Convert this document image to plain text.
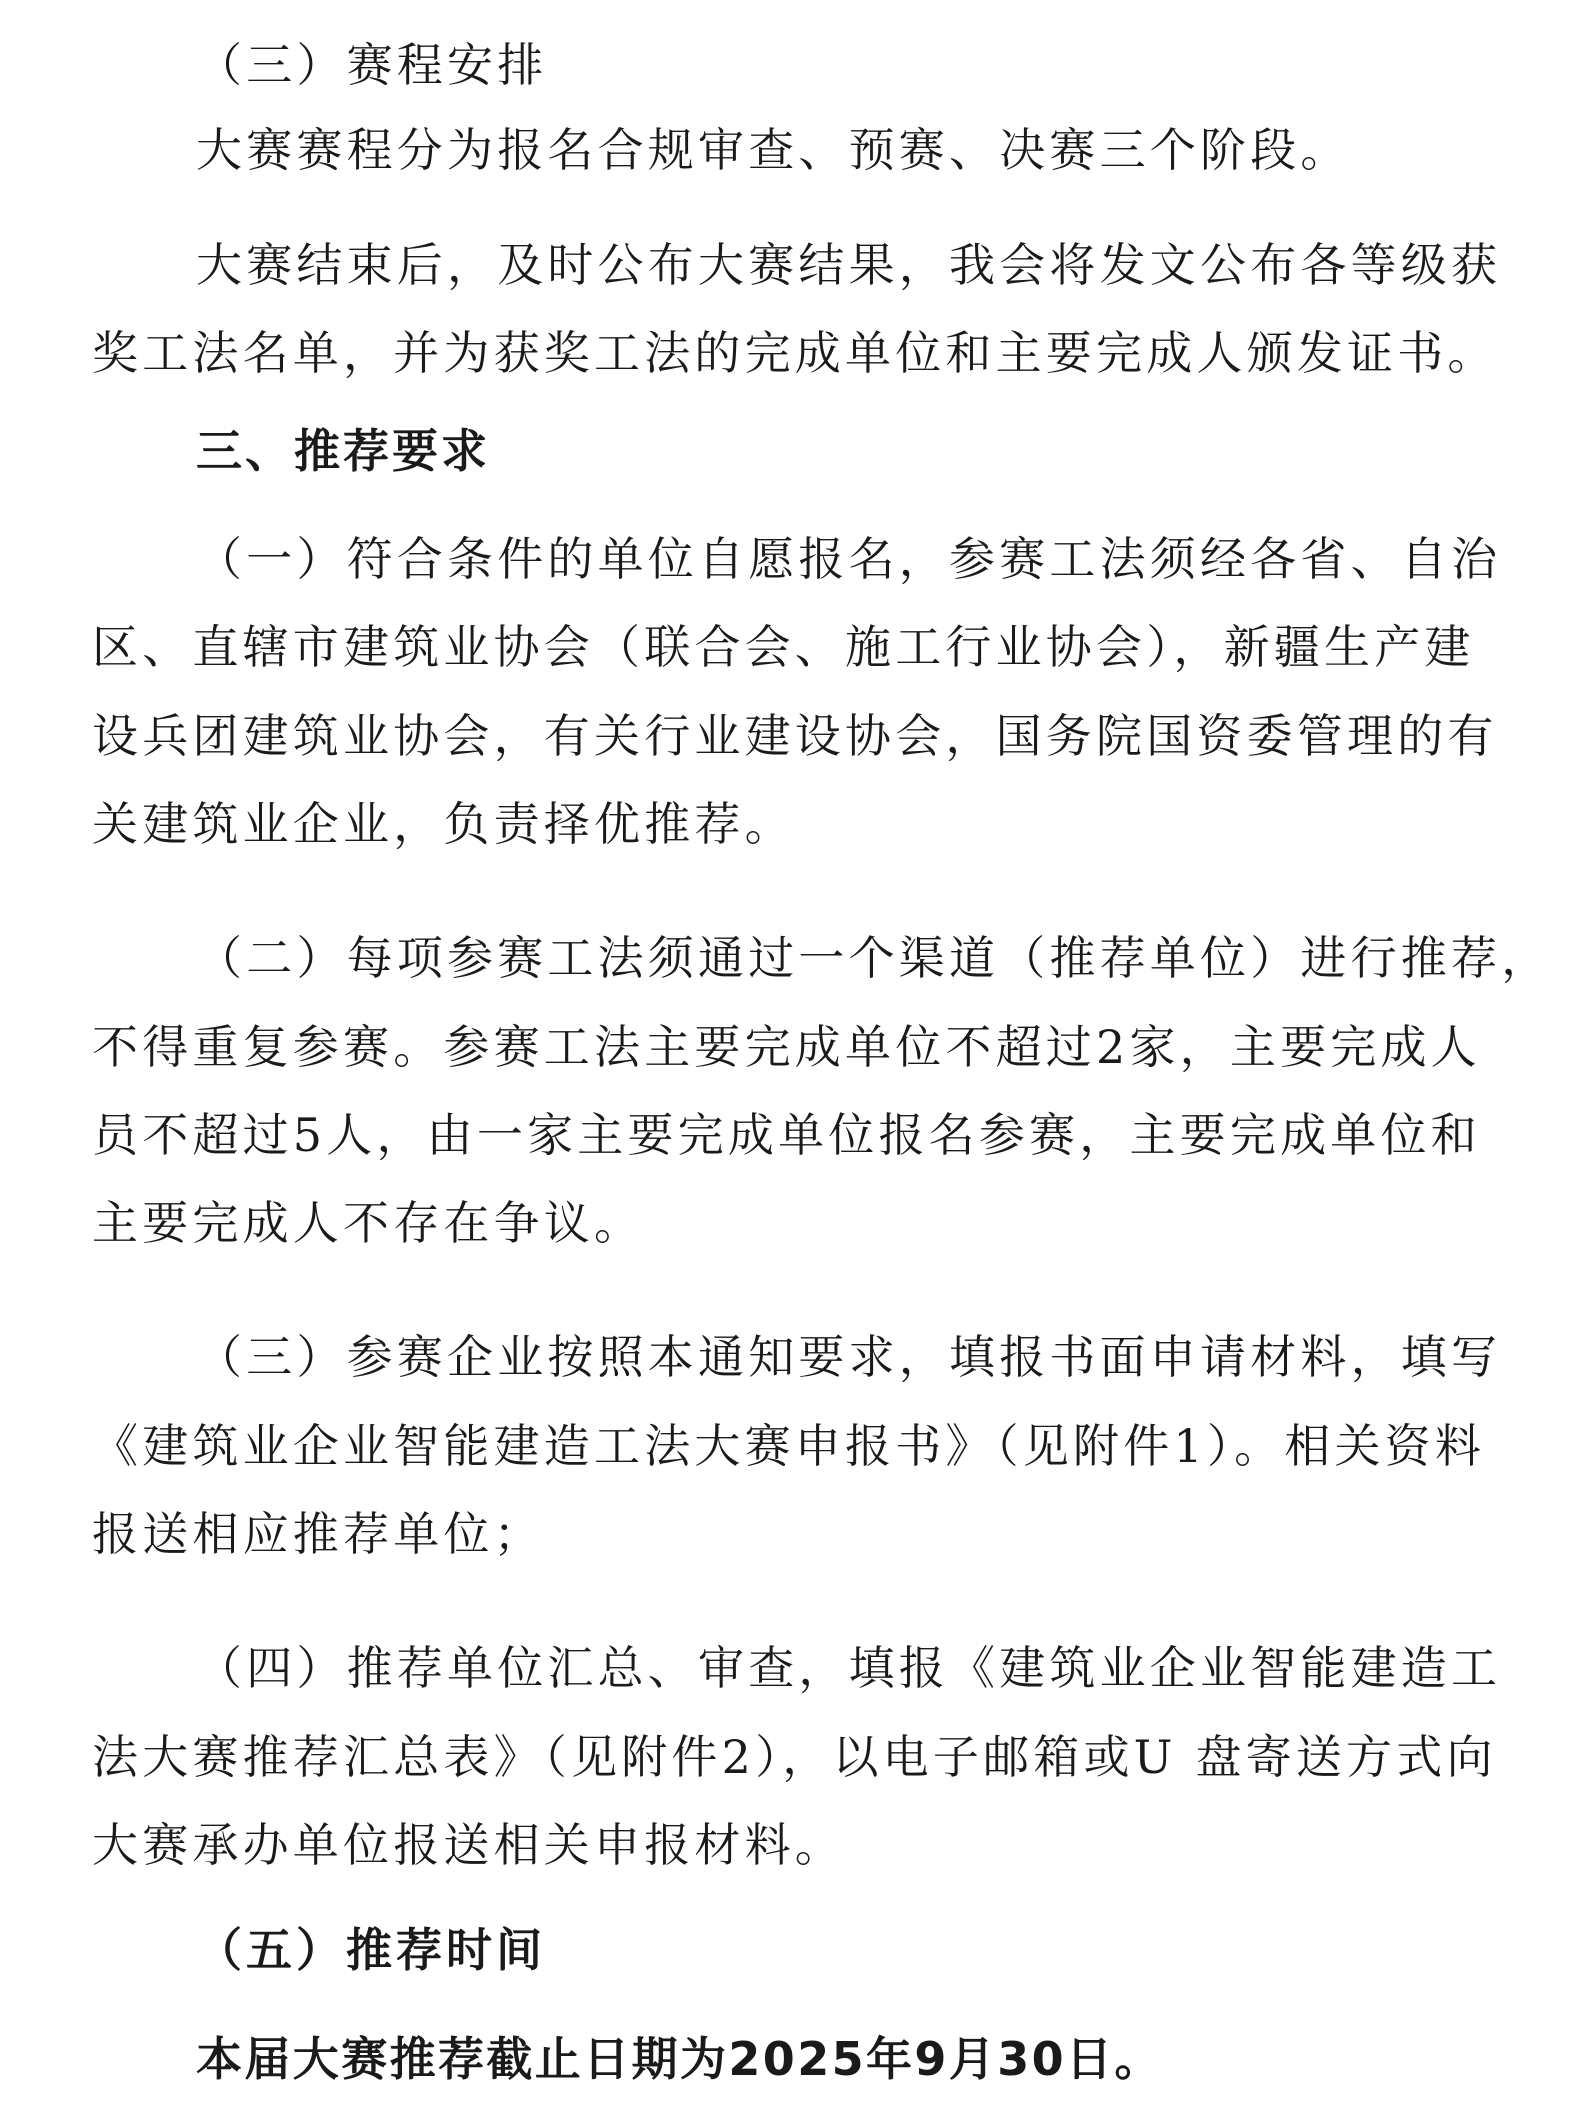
（三）赛程安排
大赛赛程分为报名合规审查、预赛、决赛三个阶段。
大赛结束后，及时公布大赛结果，我会将发文公布各等级获
奖工法名单，并为获奖工法的完成单位和主要完成人颁发证书。
三、推荐要求
（一）符合条件的单位自愿报名，参赛工法须经各省、自治
区、直辖市建筑业协会（联合会、施工行业协会），新疆生产建
设兵团建筑业协会，有关行业建设协会，国务院国资委管理的有
关建筑业企业，负责择优推荐。
（二）每项参赛工法须通过一个渠道（推荐单位）进行推荐，
不得重复参赛。参赛工法主要完成单位不超过2家，主要完成人
员不超过5人，由一家主要完成单位报名参赛，主要完成单位和
主要完成人不存在争议。
（三）参赛企业按照本通知要求，填报书面申请材料，填写
《建筑业企业智能建造工法大赛申报书》（见附件1）。相关资料
报送相应推荐单位；
（四）推荐单位汇总、审查，填报《建筑业企业智能建造工
法大赛推荐汇总表》（见附件2），以电子邮箱或U 盘寄送方式向
大赛承办单位报送相关申报材料。
（五）推荐时间
本届大赛推荐截止日期为2025年9月30日。
